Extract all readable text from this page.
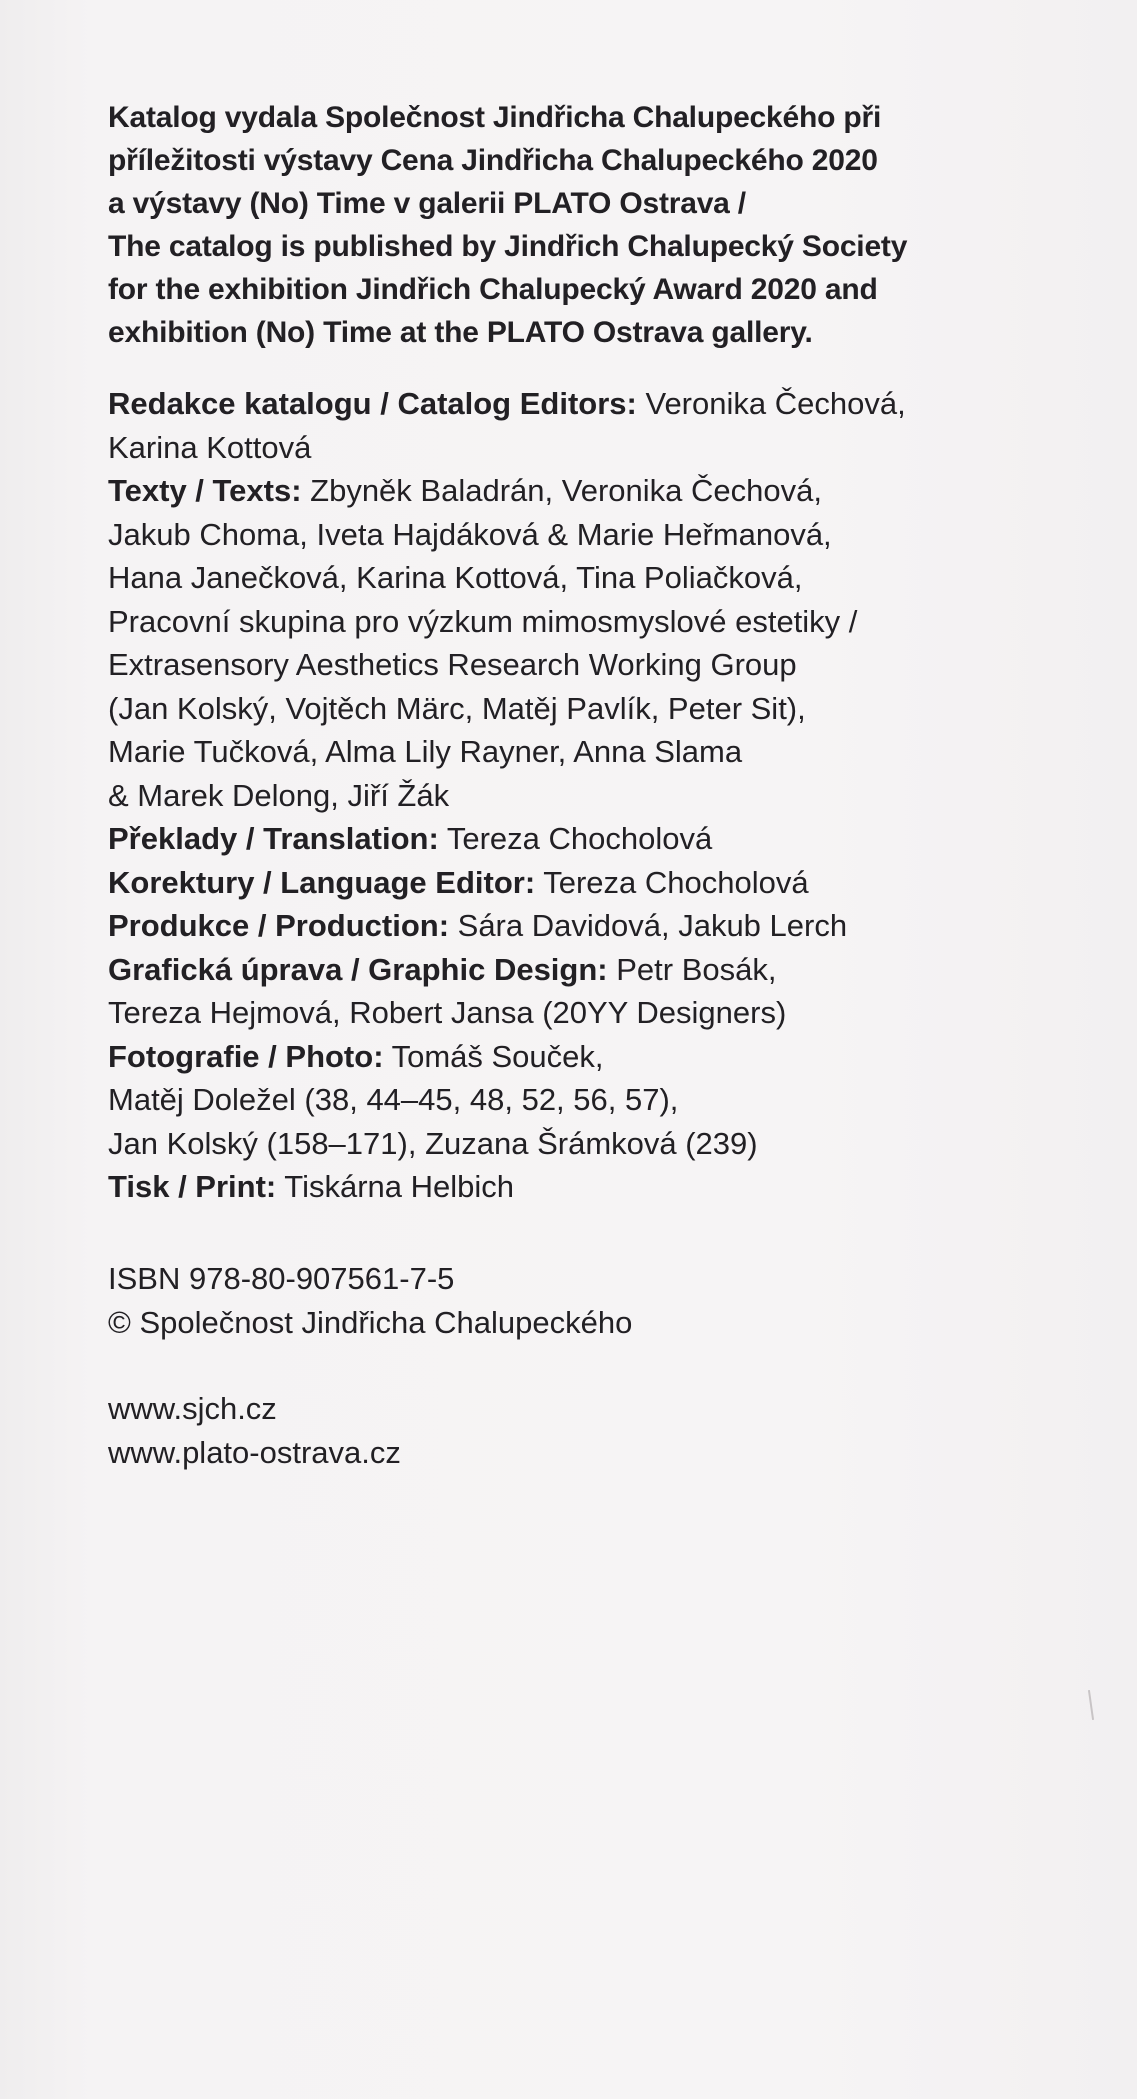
Katalog vydala Společnost Jindřicha Chalupeckého při
příležitosti výstavy Cena Jindřicha Chalupeckého 2020
a výstavy (No) Time v galerii PLATO Ostrava /
The catalog is published by Jindřich Chalupecký Society
for the exhibition Jindřich Chalupecký Award 2020 and
exhibition (No) Time at the PLATO Ostrava gallery.
Redakce katalogu / Catalog Editors: Veronika Čechová,
Karina Kottová
Texty / Texts: Zbyněk Baladrán, Veronika Čechová,
Jakub Choma, Iveta Hajdáková & Marie Heřmanová,
Hana Janečková, Karina Kottová, Tina Poliačková,
Pracovní skupina pro výzkum mimosmyslové estetiky /
Extrasensory Aesthetics Research Working Group
(Jan Kolský, Vojtěch Märc, Matěj Pavlík, Peter Sit),
Marie Tučková, Alma Lily Rayner, Anna Slama
& Marek Delong, Jiří Žák
Překlady / Translation: Tereza Chocholová
Korektury / Language Editor: Tereza Chocholová
Produkce / Production: Sára Davidová, Jakub Lerch
Grafická úprava / Graphic Design: Petr Bosák,
Tereza Hejmová, Robert Jansa (20YY Designers)
Fotografie / Photo: Tomáš Souček,
Matěj Doležel (38, 44–45, 48, 52, 56, 57),
Jan Kolský (158–171), Zuzana Šrámková (239)
Tisk / Print: Tiskárna Helbich
ISBN 978-80-907561-7-5
© Společnost Jindřicha Chalupeckého
www.sjch.cz
www.plato-ostrava.cz
